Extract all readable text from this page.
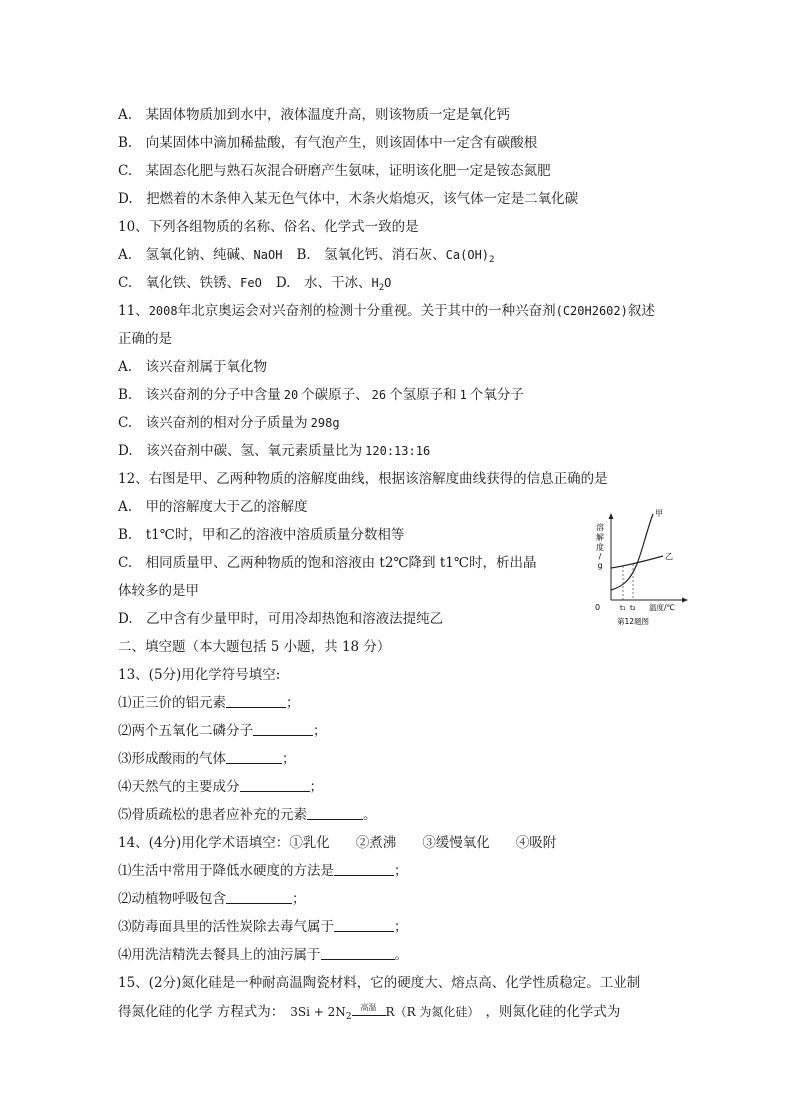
A.　某固体物质加到水中，液体温度升高，则该物质一定是氧化钙
B.　向某固体中滴加稀盐酸，有气泡产生，则该固体中一定含有碳酸根
C.　某固态化肥与熟石灰混合研磨产生氨味，证明该化肥一定是铵态氮肥
D.　把燃着的木条伸入某无色气体中，木条火焰熄灭，该气体一定是二氧化碳
10、下列各组物质的名称、俗名、化学式一致的是
A.　氢氧化钠、纯碱、NaOH B.　氢氧化钙、消石灰、$Ca(OH)_2$
C.　氧化铁、铁锈、FeO D.　水、干冰、$H_2O$
11、2008年北京奥运会对兴奋剂的检测十分重视。关于其中的一种兴奋剂(C20H2602)叙述
正确的是
A.　该兴奋剂属于氧化物
B.　该兴奋剂的分子中含量 20 个碳原子、 26 个氢原子和 1 个氧分子
C.　该兴奋剂的相对分子质量为 298g
D.　该兴奋剂中碳、氢、氧元素质量比为 120:13:16
12、右图是甲、乙两种物质的溶解度曲线，根据该溶解度曲线获得的信息正确的是
A.　甲的溶解度大于乙的溶解度
B.　t1℃时，甲和乙的溶液中溶质质量分数相等
C.　相同质量甲、乙两种物质的饱和溶液由 t2℃降到 t1℃时，析出晶
体较多的是甲
D.　乙中含有少量甲时，可用冷却热饱和溶液法提纯乙
溶
解
度
/
g
甲
乙
0	t₁ t₂ 温度/℃
第12题图
二、填空题（本大题包括 5 小题，共 18 分）
13、(5分)用化学符号填空:
⑴正三价的铝元素	；
⑵两个五氧化二磷分子	；
⑶形成酸雨的气体	；
⑷天然气的主要成分	；
⑸骨质疏松的患者应补充的元素	。
14、(4分)用化学术语填空：①乳化 ②煮沸 ③缓慢氧化 ④吸附
⑴生活中常用于降低水硬度的方法是	；
⑵动植物呼吸包含	；
⑶防毒面具里的活性炭除去毒气属于	；
⑷用洗洁精洗去餐具上的油污属于	。
15、(2分)氮化硅是一种耐高温陶瓷材料，它的硬度大、熔点高、化学性质稳定。工业制
得氮化硅的化学 方程式为： $3Si + 2N_2$
高温 R（R 为氮化硅） ，则氮化硅的化学式为
